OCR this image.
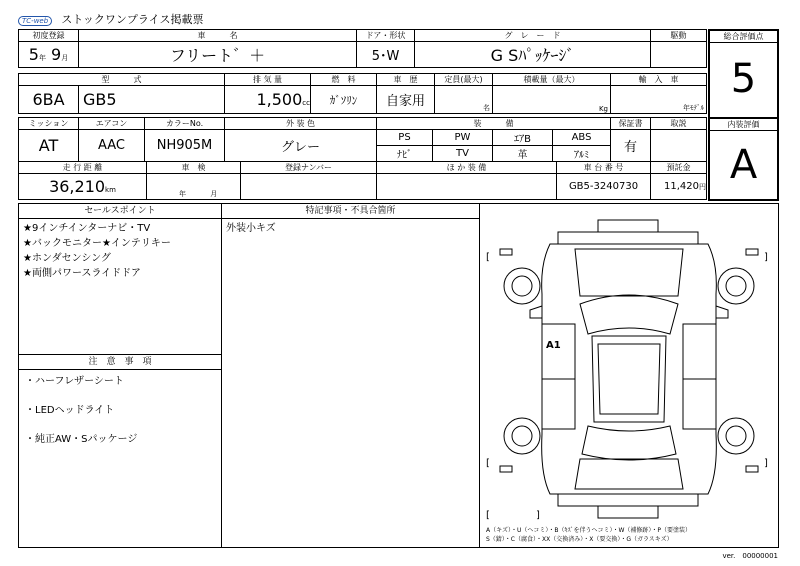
TC-web ストックワンプライス掲載票
初度登録	車　　　名	ドア・形状	グ　レ　ー　ド	駆動
5年 9月	フリート゛＋	5･W	G Sﾊﾟｯｹｰｼﾞ	
総合評価点
5
型　　　式		排 気 量	燃　料	車　歴	定員(最大)	積載量（最大）	輸　入　車
6BA	GB5	1,500cc	ｶﾞｿﾘﾝ	自家用	名	Kg	年ﾓﾃﾞﾙ
ミッション	エアコン	カラーNo.	外 装 色	装　　　備				保証書	取説
AT	AAC	NH905M	グレー	PS	PW	ｴｱB	ABS	有	
				ﾅﾋﾞ	TV	革	ｱﾙﾐ		
内装評価
A
走 行 距 離	車　検	登録ナンバー	ほ か 装 備	車 台 番 号	預託金
36,210km	年 月			GB5-3240730	11,420円
セールスポイント
★9インチインターナビ・TV
★バックモニター★インテリキー
★ホンダセンシング
★両側パワースライドドア
注　意　事　項
・ハーフレザーシート
・LEDヘッドライト
・純正AW・Sパッケージ
特記事項・不具合箇所
外装小キズ
[	]
[	]
[	]
A1
A（キズ）・U（ヘコミ）・B（ｷｽﾞを伴うヘコミ）・W（補修跡）・P（要塗装）
S（錆）・C（腐食）・XX（交換済み）・X（要交換）・G（ガラスキズ）
ver.　00000001
